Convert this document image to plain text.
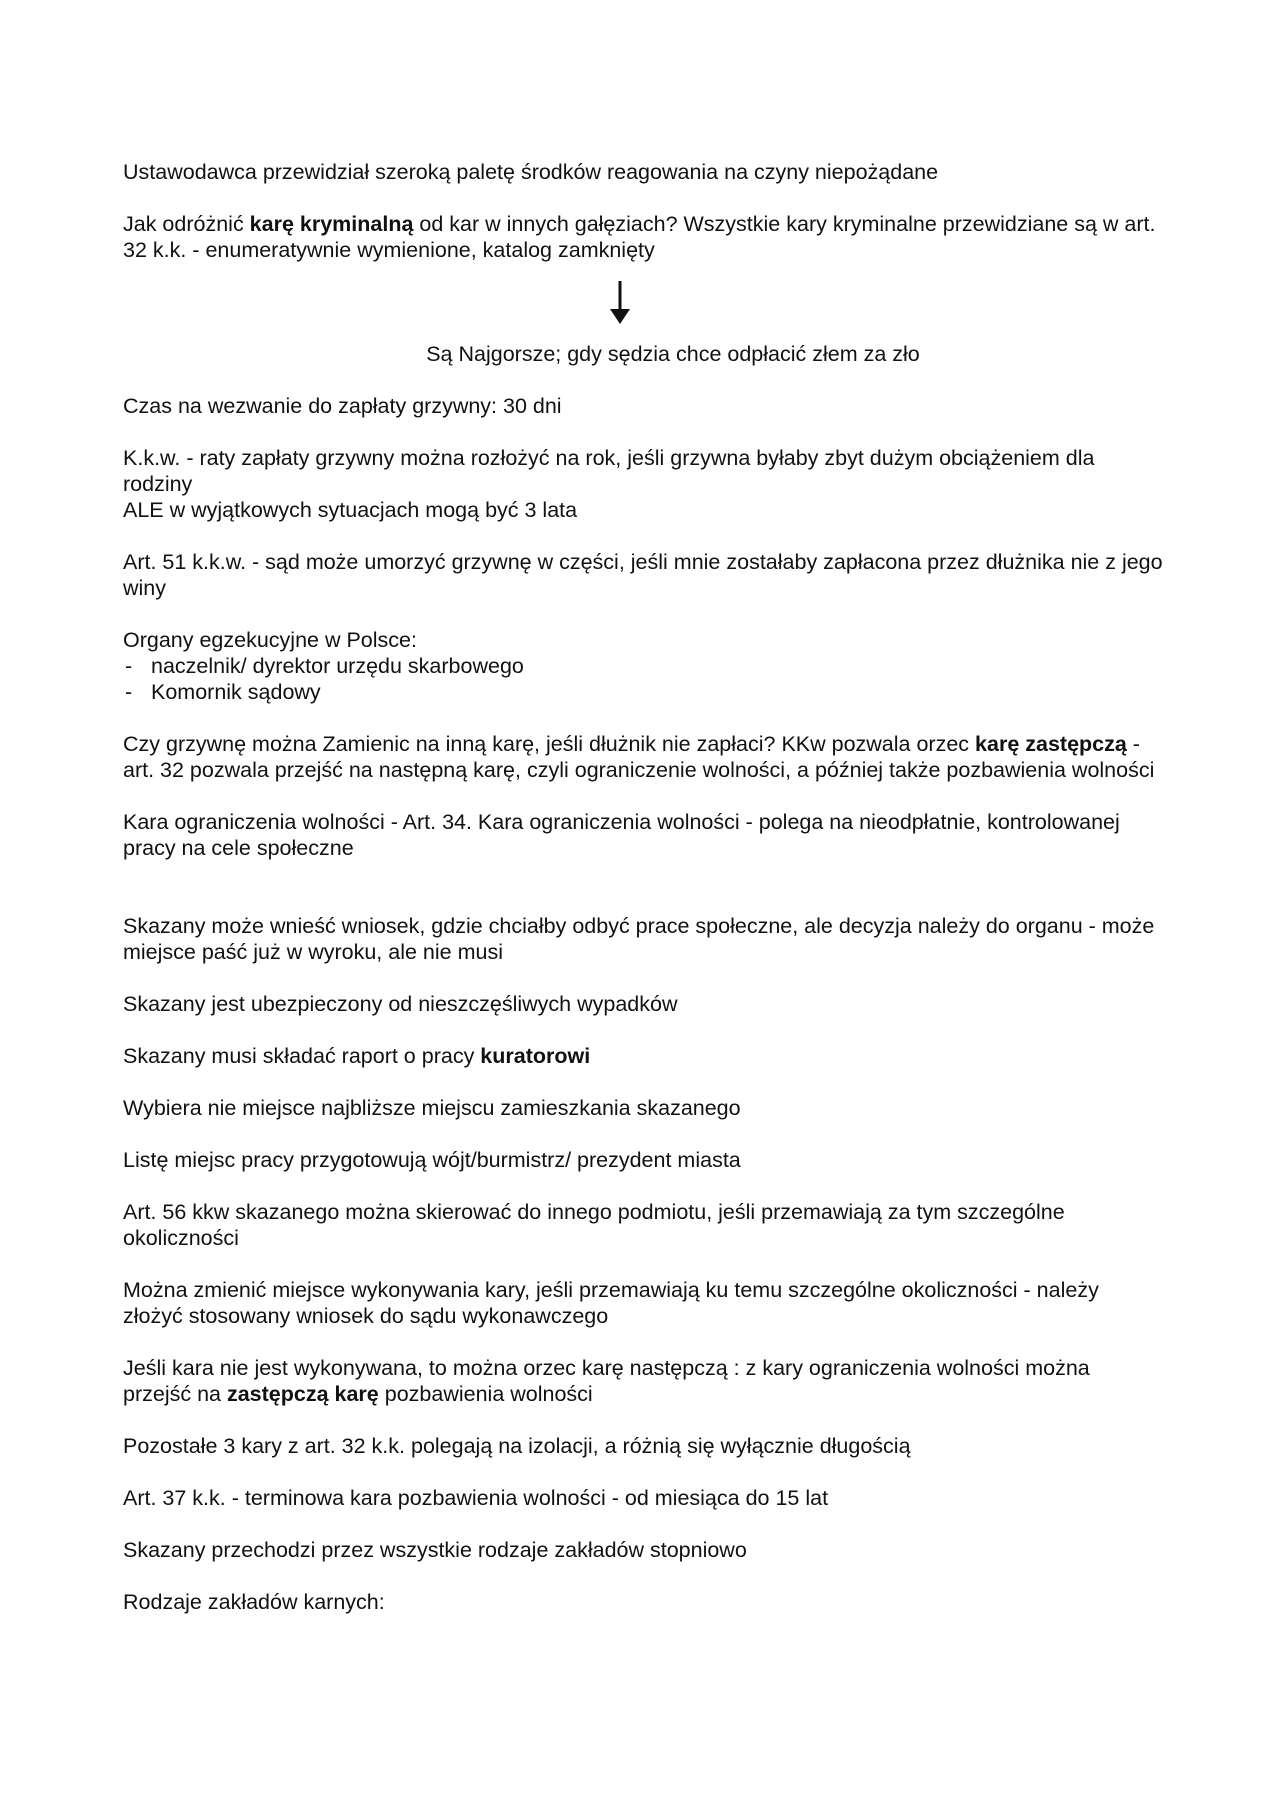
Ustawodawca przewidział szeroką paletę środków reagowania na czyny niepożądane

Jak odróżnić karę kryminalną od kar w innych gałęziach? Wszystkie kary kryminalne przewidziane są w art. 32 k.k. - enumeratywnie wymienione, katalog zamknięty

Są Najgorsze; gdy sędzia chce odpłacić złem za zło

Czas na wezwanie do zapłaty grzywny: 30 dni

K.k.w. - raty zapłaty grzywny można rozłożyć na rok, jeśli grzywna byłaby zbyt dużym obciążeniem dla rodziny
ALE w wyjątkowych sytuacjach mogą być 3 lata

Art. 51 k.k.w. - sąd może umorzyć grzywnę w części, jeśli mnie zostałaby zapłacona przez dłużnika nie z jego winy

Organy egzekucyjne w Polsce:
- naczelnik/ dyrektor urzędu skarbowego
- Komornik sądowy

Czy grzywnę można Zamienic na inną karę, jeśli dłużnik nie zapłaci? KKw pozwala orzec karę zastępczą - art. 32 pozwala przejść na następną karę, czyli ograniczenie wolności, a później także pozbawienia wolności

Kara ograniczenia wolności - Art. 34. Kara ograniczenia wolności - polega na nieodpłatnie, kontrolowanej pracy na cele społeczne

Skazany może wnieść wniosek, gdzie chciałby odbyć prace społeczne, ale decyzja należy do organu - może miejsce paść już w wyroku, ale nie musi

Skazany jest ubezpieczony od nieszczęśliwych wypadków

Skazany musi składać raport o pracy kuratorowi

Wybiera nie miejsce najbliższe miejscu zamieszkania skazanego

Listę miejsc pracy przygotowują wójt/burmistrz/ prezydent miasta

Art. 56 kkw skazanego można skierować do innego podmiotu, jeśli przemawiają za tym szczególne okoliczności

Można zmienić miejsce wykonywania kary, jeśli przemawiają ku temu szczególne okoliczności - należy złożyć stosowany wniosek do sądu wykonawczego

Jeśli kara nie jest wykonywana, to można orzec karę następczą : z kary ograniczenia wolności można przejść na zastępczą karę pozbawienia wolności

Pozostałe 3 kary z art. 32 k.k. polegają na izolacji, a różnią się wyłącznie długością

Art. 37 k.k. - terminowa kara pozbawienia wolności - od miesiąca do 15 lat

Skazany przechodzi przez wszystkie rodzaje zakładów stopniowo

Rodzaje zakładów karnych:
